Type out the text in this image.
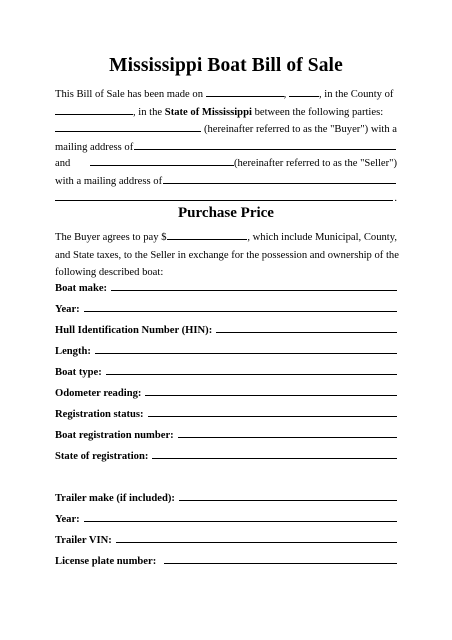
Mississippi Boat Bill of Sale
This Bill of Sale has been made on
	,
	, in the County of
, in the
State of Mississippi
between the following parties:

(hereinafter referred to as the "Buyer") with a
mailing address of
and	(hereinafter referred to as the "Seller")
with a mailing address of
.
Purchase Price
The Buyer agrees to pay $	, which include Municipal, County,
and State taxes, to the Seller in exchange for the possession and ownership of the
following described boat:
Boat make:
Year:
Hull Identification Number (HIN):
Length:
Boat type:
Odometer reading:
Registration status:
Boat registration number:
State of registration:
Trailer make (if included):
Year:
Trailer VIN:
License plate number:
